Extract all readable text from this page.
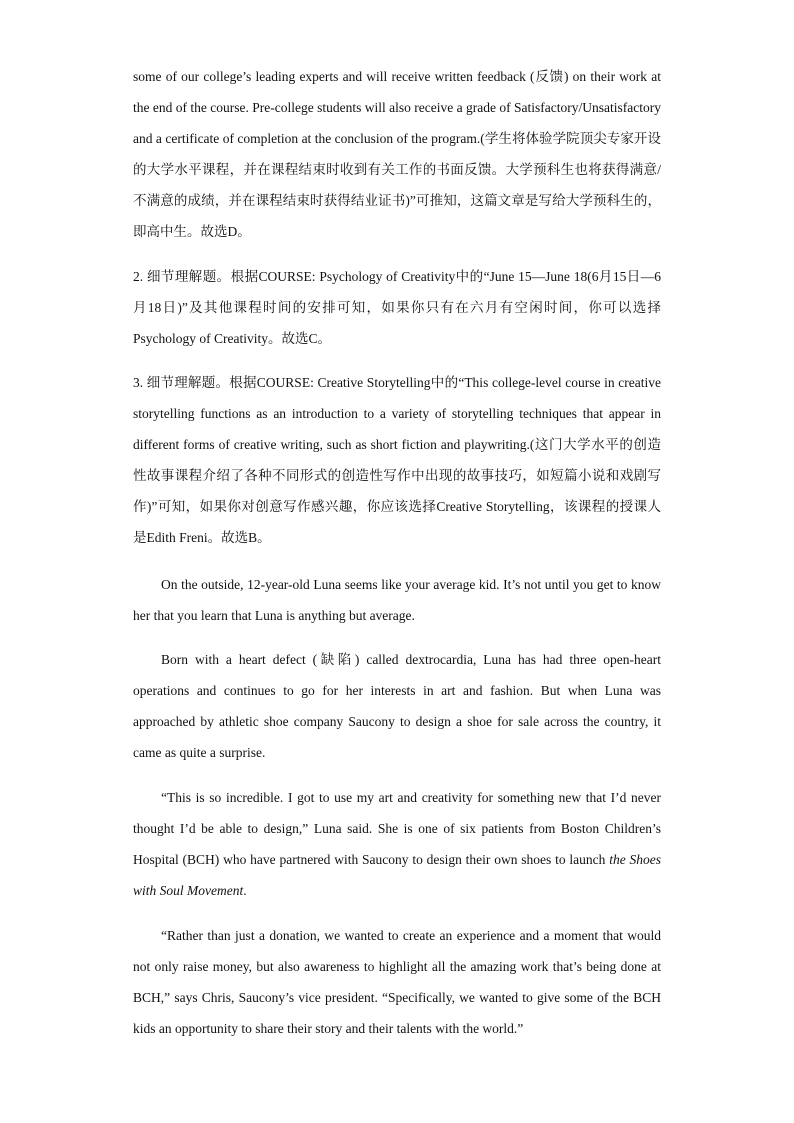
some of our college’s leading experts and will receive written feedback (反馈) on their work at the end of the course. Pre-college students will also receive a grade of Satisfactory/Unsatisfactory and a certificate of completion at the conclusion of the program.(学生将体验学院顶尖专家开设的大学水平课程，并在课程结束时收到有关工作的书面反馈。大学预科生也将获得满意/不满意的成绩，并在课程结束时获得结业证书)”可推知，这篇文章是写给大学预科生的，即高中生。故选D。
2. 细节理解题。根据COURSE: Psychology of Creativity中的“June 15—June 18(6月15日—6月18日)”及其他课程时间的安排可知，如果你只有在六月有空闲时间，你可以选择Psychology of Creativity。故选C。
3. 细节理解题。根据COURSE: Creative Storytelling中的“This college-level course in creative storytelling functions as an introduction to a variety of storytelling techniques that appear in different forms of creative writing, such as short fiction and playwriting.(这门大学水平的创造性故事课程介绍了各种不同形式的创造性写作中出现的故事技巧，如短篇小说和戏剧写作)”可知，如果你对创意写作感兴趣，你应该选择Creative Storytelling，该课程的授课人是Edith Freni。故选B。
On the outside, 12-year-old Luna seems like your average kid. It’s not until you get to know her that you learn that Luna is anything but average.
Born with a heart defect (缺陷) called dextrocardia, Luna has had three open-heart operations and continues to go for her interests in art and fashion. But when Luna was approached by athletic shoe company Saucony to design a shoe for sale across the country, it came as quite a surprise.
“This is so incredible. I got to use my art and creativity for something new that I’d never thought I’d be able to design,” Luna said. She is one of six patients from Boston Children’s Hospital (BCH) who have partnered with Saucony to design their own shoes to launch the Shoes with Soul Movement.
“Rather than just a donation, we wanted to create an experience and a moment that would not only raise money, but also awareness to highlight all the amazing work that’s being done at BCH,” says Chris, Saucony’s vice president. “Specifically, we wanted to give some of the BCH kids an opportunity to share their story and their talents with the world.”
